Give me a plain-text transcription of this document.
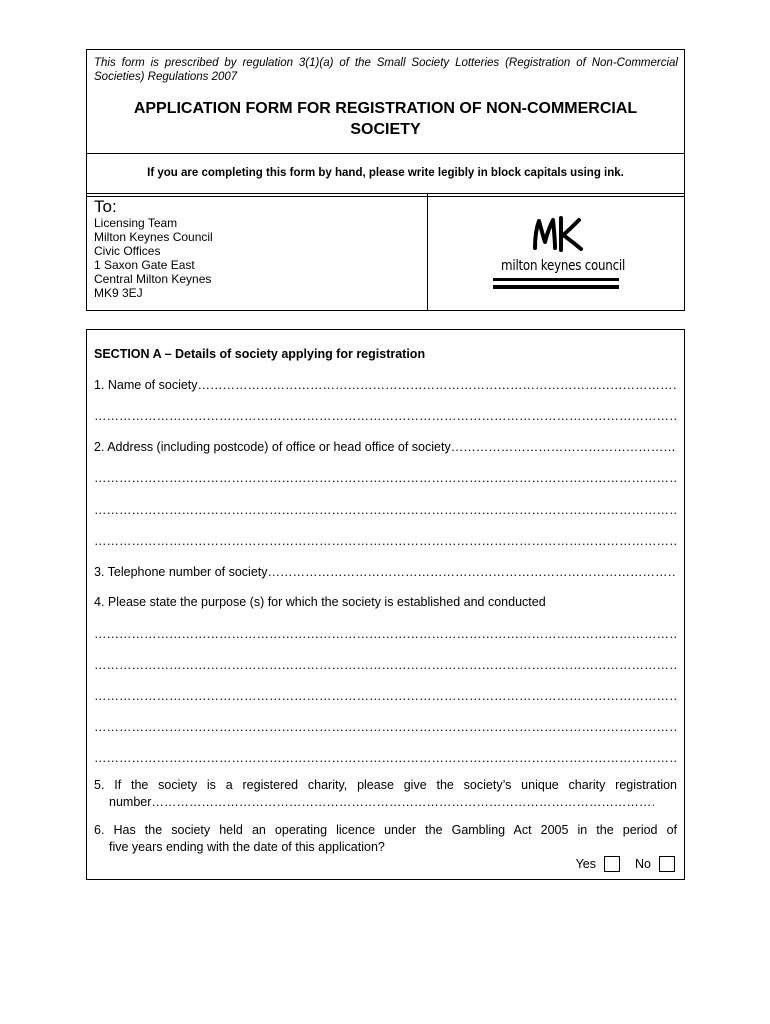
This form is prescribed by regulation 3(1)(a) of the Small Society Lotteries (Registration of Non-Commercial Societies) Regulations 2007
APPLICATION FORM FOR REGISTRATION OF NON-COMMERCIAL
SOCIETY
If you are completing this form by hand, please write legibly in block capitals using ink.
To:
Licensing Team
Milton Keynes Council
Civic Offices
1 Saxon Gate East
Central Milton Keynes
MK9 3EJ
milton keynes council
SECTION A – Details of society applying for registration
1. Name of society ………………………………………………………………………………………………………………………………………………………………………………
………………………………………………………………………………………………………………………………………………………………………………
2. Address (including postcode) of office or head office of society ………………………………………………………………………………………………………………………………………………………………………………
………………………………………………………………………………………………………………………………………………………………………………
………………………………………………………………………………………………………………………………………………………………………………
………………………………………………………………………………………………………………………………………………………………………………
3. Telephone number of society ………………………………………………………………………………………………………………………………………………………………………………
4. Please state the purpose (s) for which the society is established and conducted
………………………………………………………………………………………………………………………………………………………………………………
………………………………………………………………………………………………………………………………………………………………………………
………………………………………………………………………………………………………………………………………………………………………………
………………………………………………………………………………………………………………………………………………………………………………
………………………………………………………………………………………………………………………………………………………………………………
5. If the society is a registered charity, please give the society’s unique charity registration
number ………………………………………………………………………………………………………………………………………………………………………………
6. Has the society held an operating licence under the Gambling Act 2005 in the period of
five years ending with the date of this application?
Yes	No
